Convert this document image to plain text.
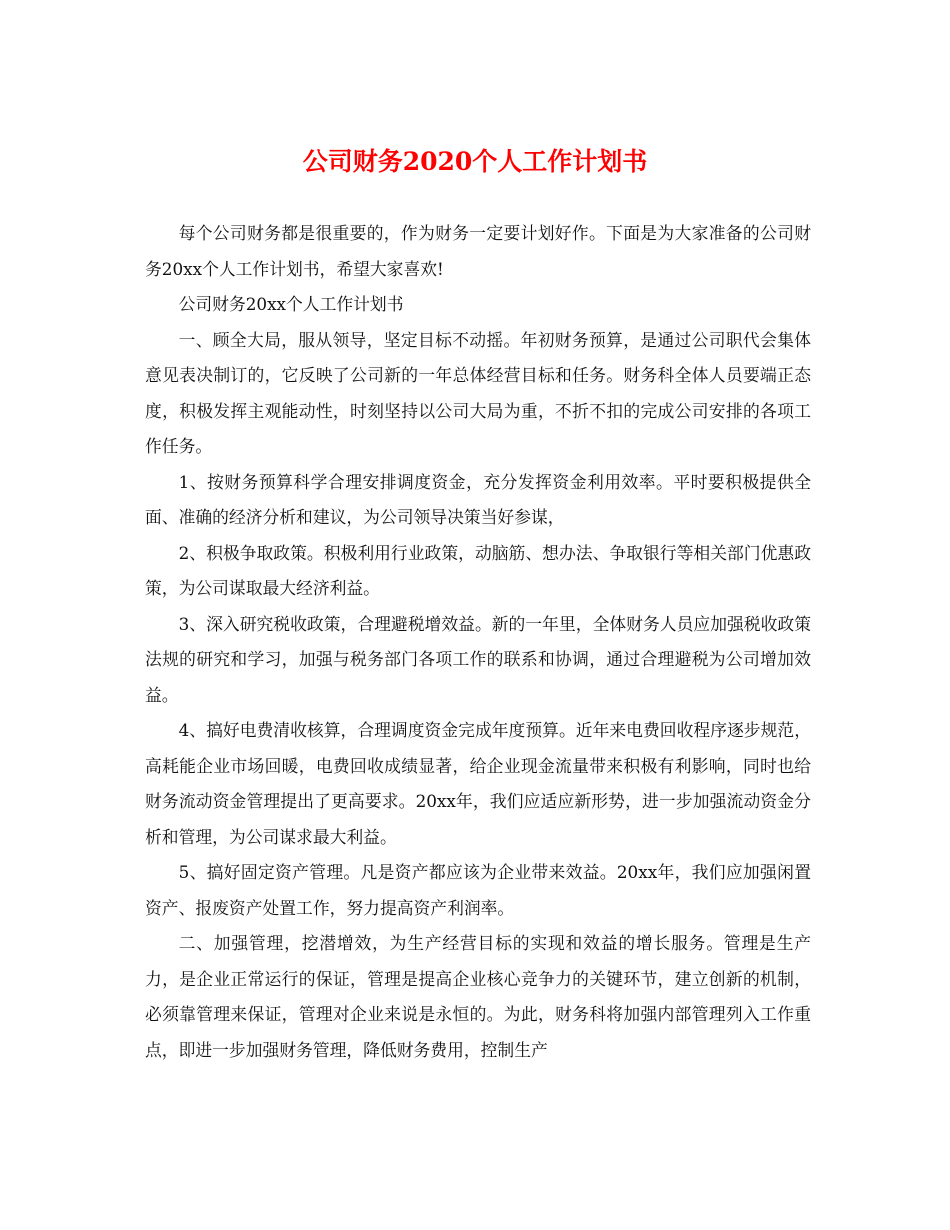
公司财务2020个人工作计划书

每个公司财务都是很重要的，作为财务一定要计划好作。下面是为大家准备的公司财务20xx个人工作计划书，希望大家喜欢!

公司财务20xx个人工作计划书

一、顾全大局，服从领导，坚定目标不动摇。年初财务预算，是通过公司职代会集体意见表决制订的，它反映了公司新的一年总体经营目标和任务。财务科全体人员要端正态度，积极发挥主观能动性，时刻坚持以公司大局为重，不折不扣的完成公司安排的各项工作任务。

1、按财务预算科学合理安排调度资金，充分发挥资金利用效率。平时要积极提供全面、准确的经济分析和建议，为公司领导决策当好参谋，

2、积极争取政策。积极利用行业政策，动脑筋、想办法、争取银行等相关部门优惠政策，为公司谋取最大经济利益。

3、深入研究税收政策，合理避税增效益。新的一年里，全体财务人员应加强税收政策法规的研究和学习，加强与税务部门各项工作的联系和协调，通过合理避税为公司增加效益。

4、搞好电费清收核算，合理调度资金完成年度预算。近年来电费回收程序逐步规范，高耗能企业市场回暖，电费回收成绩显著，给企业现金流量带来积极有利影响，同时也给财务流动资金管理提出了更高要求。20xx年，我们应适应新形势，进一步加强流动资金分析和管理，为公司谋求最大利益。

5、搞好固定资产管理。凡是资产都应该为企业带来效益。20xx年，我们应加强闲置资产、报废资产处置工作，努力提高资产利润率。

二、加强管理，挖潜增效，为生产经营目标的实现和效益的增长服务。管理是生产力，是企业正常运行的保证，管理是提高企业核心竞争力的关键环节，建立创新的机制，必须靠管理来保证，管理对企业来说是永恒的。为此，财务科将加强内部管理列入工作重点，即进一步加强财务管理，降低财务费用，控制生产
